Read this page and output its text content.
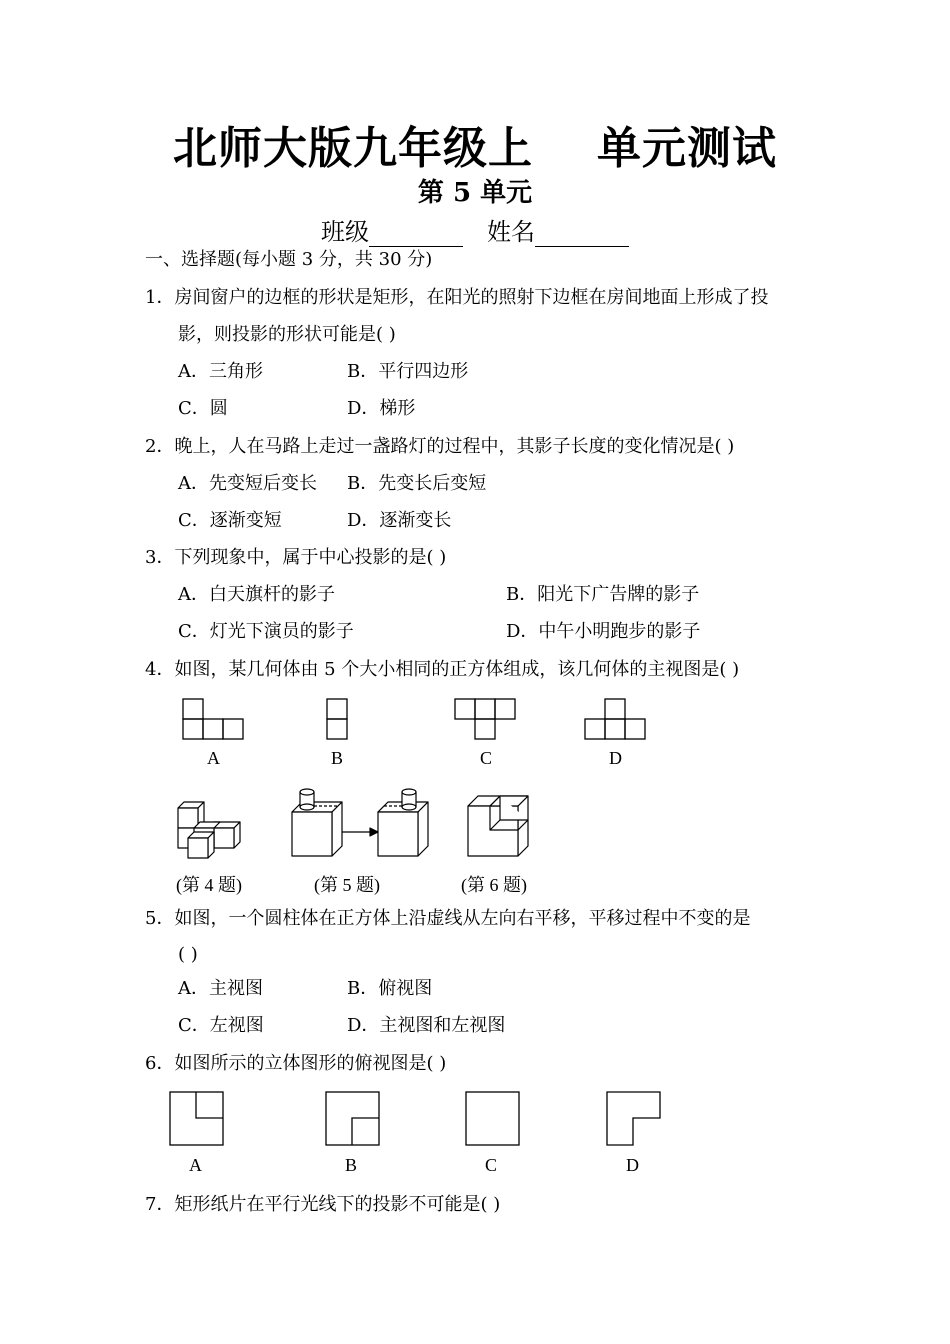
北师大版九年级上 单元测试
第 5 单元
班级	姓名
一、选择题(每小题 3 分，共 30 分)
1．房间窗户的边框的形状是矩形，在阳光的照射下边框在房间地面上形成了投
影，则投影的形状可能是( )
A．三角形	B．平行四边形
C．圆	D．梯形
2．晚上，人在马路上走过一盏路灯的过程中，其影子长度的变化情况是( )
A．先变短后变长 B．先变长后变短
C．逐渐变短	D．逐渐变长
3．下列现象中，属于中心投影的是( )
A．白天旗杆的影子	B．阳光下广告牌的影子
C．灯光下演员的影子	D．中午小明跑步的影子
4．如图，某几何体由 5 个大小相同的正方体组成，该几何体的主视图是( )
A	B	C	D
(第 4 题)	(第 5 题)	(第 6 题)
5．如图，一个圆柱体在正方体上沿虚线从左向右平移，平移过程中不变的是
( )
A．主视图	B．俯视图
C．左视图	D．主视图和左视图
6．如图所示的立体图形的俯视图是( )
A	B	C	D
7．矩形纸片在平行光线下的投影不可能是( )
